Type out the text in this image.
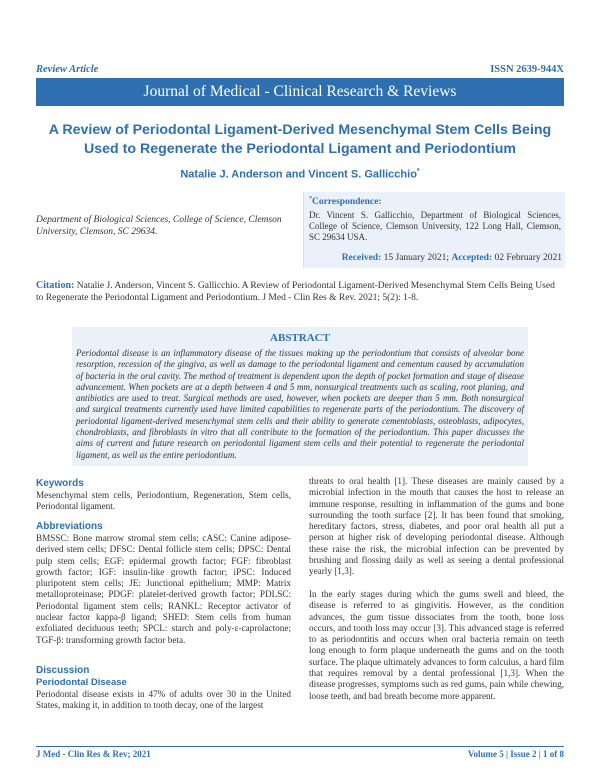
Review Article	ISSN 2639-944X
Journal of Medical - Clinical Research & Reviews
A Review of Periodontal Ligament-Derived Mesenchymal Stem Cells Being Used to Regenerate the Periodontal Ligament and Periodontium
Natalie J. Anderson and Vincent S. Gallicchio*
Department of Biological Sciences, College of Science, Clemson University, Clemson, SC 29634.
*Correspondence:
Dr. Vincent S. Gallicchio, Department of Biological Sciences, College of Science, Clemson University, 122 Long Hall, Clemson, SC 29634 USA.
Received: 15 January 2021; Accepted: 02 February 2021
Citation: Natalie J. Anderson, Vincent S. Gallicchio. A Review of Periodontal Ligament-Derived Mesenchymal Stem Cells Being Used to Regenerate the Periodontal Ligament and Periodontium. J Med - Clin Res & Rev. 2021; 5(2): 1-8.
ABSTRACT
Periodontal disease is an inflammatory disease of the tissues making up the periodontium that consists of alveolar bone resorption, recession of the gingiva, as well as damage to the periodontal ligament and cementum caused by accumulation of bacteria in the oral cavity. The method of treatment is dependent upon the depth of pocket formation and stage of disease advancement. When pockets are at a depth between 4 and 5 mm, nonsurgical treatments such as scaling, root planing, and antibiotics are used to treat. Surgical methods are used, however, when pockets are deeper than 5 mm. Both nonsurgical and surgical treatments currently used have limited capabilities to regenerate parts of the periodontium. The discovery of periodontal ligament-derived mesenchymal stem cells and their ability to generate cementoblasts, osteoblasts, adipocytes, chondroblasts, and fibroblasts in vitro that all contribute to the formation of the periodontium. This paper discusses the aims of current and future research on periodontal ligament stem cells and their potential to regenerate the periodontal ligament, as well as the entire periodontium.
Keywords
Mesenchymal stem cells, Periodontium, Regeneration, Stem cells, Periodontal ligament.
Abbreviations
BMSSC: Bone marrow stromal stem cells; cASC: Canine adipose-derived stem cells; DFSC: Dental follicle stem cells; DPSC: Dental pulp stem cells; EGF: epidermal growth factor; FGF: fibroblast growth factor; IGF: insulin-like growth factor; iPSC: Induced pluripotent stem cells; JE: Junctional epithelium; MMP: Matrix metalloproteinase; PDGF: platelet-derived growth factor; PDLSC: Periodontal ligament stem cells; RANKL: Receptor activator of nuclear factor kappa-β ligand; SHED: Stem cells from human exfoliated deciduous teeth; SPCL: starch and poly-ε-caprolactone; TGF-β: transforming growth factor beta.
Discussion
Periodontal Disease
Periodontal disease exists in 47% of adults over 30 in the United States, making it, in addition to tooth decay, one of the largest
threats to oral health [1]. These diseases are mainly caused by a microbial infection in the mouth that causes the host to release an immune response, resulting in inflammation of the gums and bone surrounding the tooth surface [2]. It has been found that smoking, hereditary factors, stress, diabetes, and poor oral health all put a person at higher risk of developing periodontal disease. Although these raise the risk, the microbial infection can be prevented by brushing and flossing daily as well as seeing a dental professional yearly [1,3].
In the early stages during which the gums swell and bleed, the disease is referred to as gingivitis. However, as the condition advances, the gum tissue dissociates from the tooth, bone loss occurs, and tooth loss may occur [3]. This advanced stage is referred to as periodontitis and occurs when oral bacteria remain on teeth long enough to form plaque underneath the gums and on the tooth surface. The plaque ultimately advances to form calculus, a hard film that requires removal by a dental professional [1,3]. When the disease progresses, symptoms such as red gums, pain while chewing, loose teeth, and bad breath become more apparent.
J Med - Clin Res & Rev; 2021	Volume 5 | Issue 2 | 1 of 8
